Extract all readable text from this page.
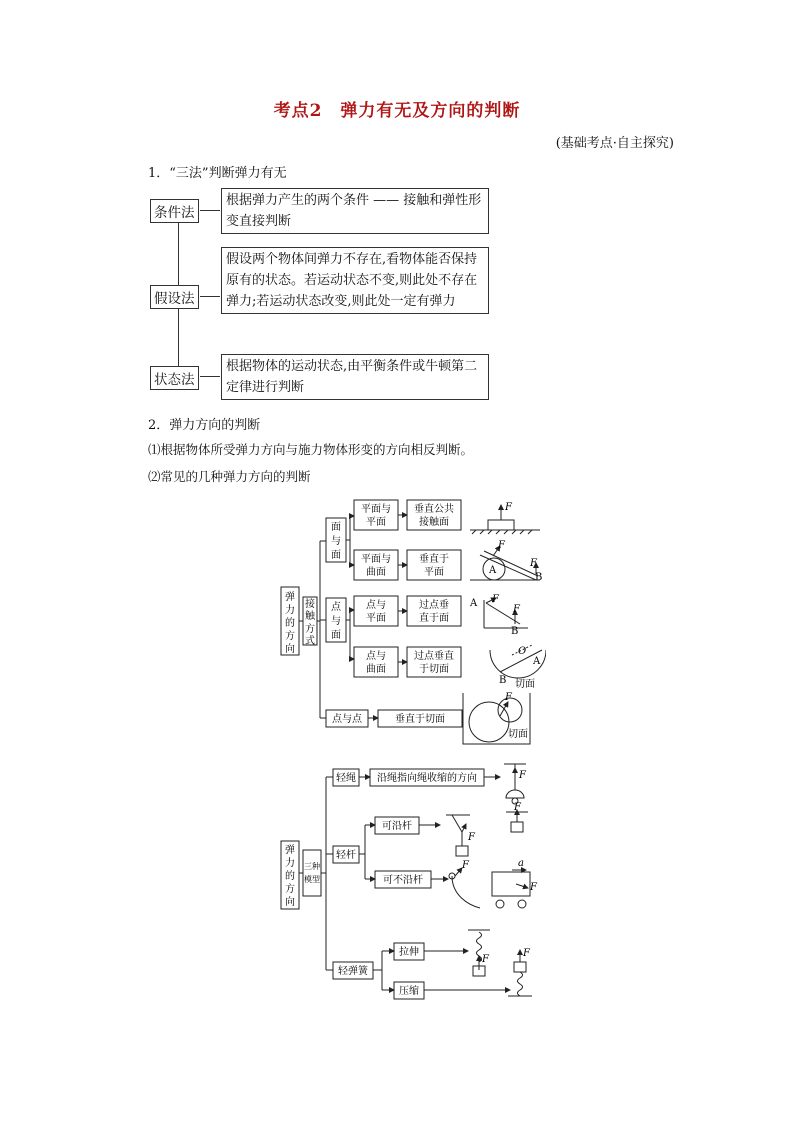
考点2　弹力有无及方向的判断
(基础考点·自主探究)
1．“三法”判断弹力有无
条件法
根据弹力产生的两个条件 —— 接触和弹性形变直接判断
假设法
假设两个物体间弹力不存在,看物体能否保持原有的状态。若运动状态不变,则此处不存在弹力;若运动状态改变,则此处一定有弹力
状态法
根据物体的运动状态,由平衡条件或牛顿第二定律进行判断
2．弹力方向的判断
⑴根据物体所受弹力方向与施力物体形变的方向相反判断。
⑵常见的几种弹力方向的判断
弹
力
的
方
向
接
触
方
式
面
与
面
点
与
面
点与点
平面与
平面
垂直公共
接触面
平面与
曲面
垂直于
平面
点与
平面
过点垂
直于面
点与
曲面
过点垂直
于切面
垂直于切面
F
F
A
F
B
F
A
B
F
O
A
B 切面
F
切面
弹
力
的
方
向
三种
模型
轻绳 沿绳指向绳收缩的方向
轻杆
可沿杆
可不沿杆
轻弹簧
拉伸
压缩
F
F
F
F	a
F
F
F
